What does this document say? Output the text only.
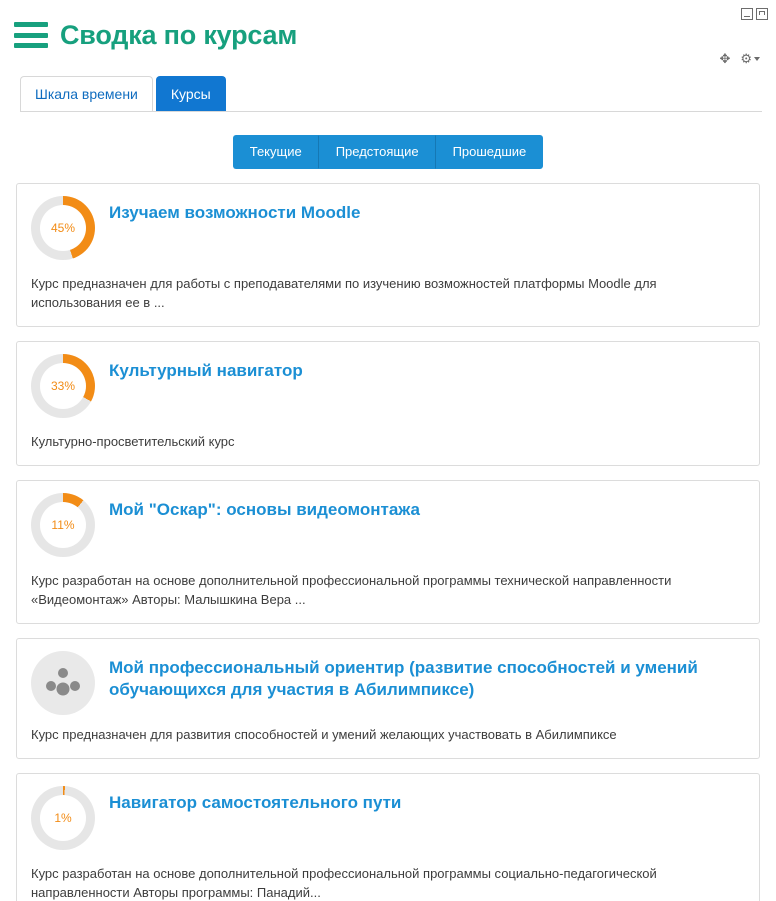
Сводка по курсам
✥ ⚙
Шкала времени	Курсы
Текущие	Предстоящие	Прошедшие
45%
Изучаем возможности Moodle
Курс предназначен для работы с преподавателями по изучению возможностей платформы Moodle для использования ее в ...
33%
Культурный навигатор
Культурно-просветительский курс
11%
Мой "Оскар": основы видеомонтажа
Курс разработан на основе дополнительной профессиональной программы технической направленности «Видеомонтаж» Авторы: Малышкина Вера ...
Мой профессиональный ориентир (развитие способностей и умений обучающихся для участия в Абилимпиксе)
Курс предназначен для развития способностей и умений желающих участвовать в Абилимпиксе
1%
Навигатор самостоятельного пути
Курс разработан на основе дополнительной профессиональной программы социально-педагогической направленности Авторы программы: Панадий...
